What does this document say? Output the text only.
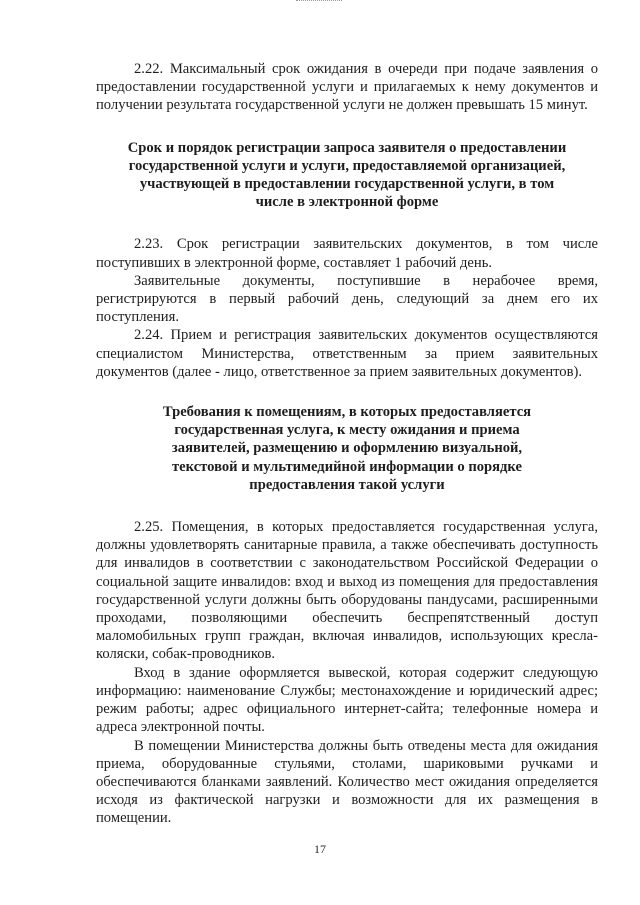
2.22. Максимальный срок ожидания в очереди при подаче заявления о предоставлении государственной услуги и прилагаемых к нему документов и получении результата государственной услуги не должен превышать 15 минут.

Срок и порядок регистрации запроса заявителя о предоставлении государственной услуги и услуги, предоставляемой организацией, участвующей в предоставлении государственной услуги, в том числе в электронной форме

2.23. Срок регистрации заявительских документов, в том числе поступивших в электронной форме, составляет 1 рабочий день.

Заявительные документы, поступившие в нерабочее время, регистрируются в первый рабочий день, следующий за днем его их поступления.

2.24. Прием и регистрация заявительских документов осуществляются специалистом Министерства, ответственным за прием заявительных документов (далее - лицо, ответственное за прием заявительных документов).

Требования к помещениям, в которых предоставляется государственная услуга, к месту ожидания и приема заявителей, размещению и оформлению визуальной, текстовой и мультимедийной информации о порядке предоставления такой услуги

2.25. Помещения, в которых предоставляется государственная услуга, должны удовлетворять санитарные правила, а также обеспечивать доступность для инвалидов в соответствии с законодательством Российской Федерации о социальной защите инвалидов: вход и выход из помещения для предоставления государственной услуги должны быть оборудованы пандусами, расширенными проходами, позволяющими обеспечить беспрепятственный доступ маломобильных групп граждан, включая инвалидов, использующих кресла-коляски, собак-проводников.

Вход в здание оформляется вывеской, которая содержит следующую информацию: наименование Службы; местонахождение и юридический адрес; режим работы; адрес официального интернет-сайта; телефонные номера и адреса электронной почты.

В помещении Министерства должны быть отведены места для ожидания приема, оборудованные стульями, столами, шариковыми ручками и обеспечиваются бланками заявлений. Количество мест ожидания определяется исходя из фактической нагрузки и возможности для их размещения в помещении.

17
